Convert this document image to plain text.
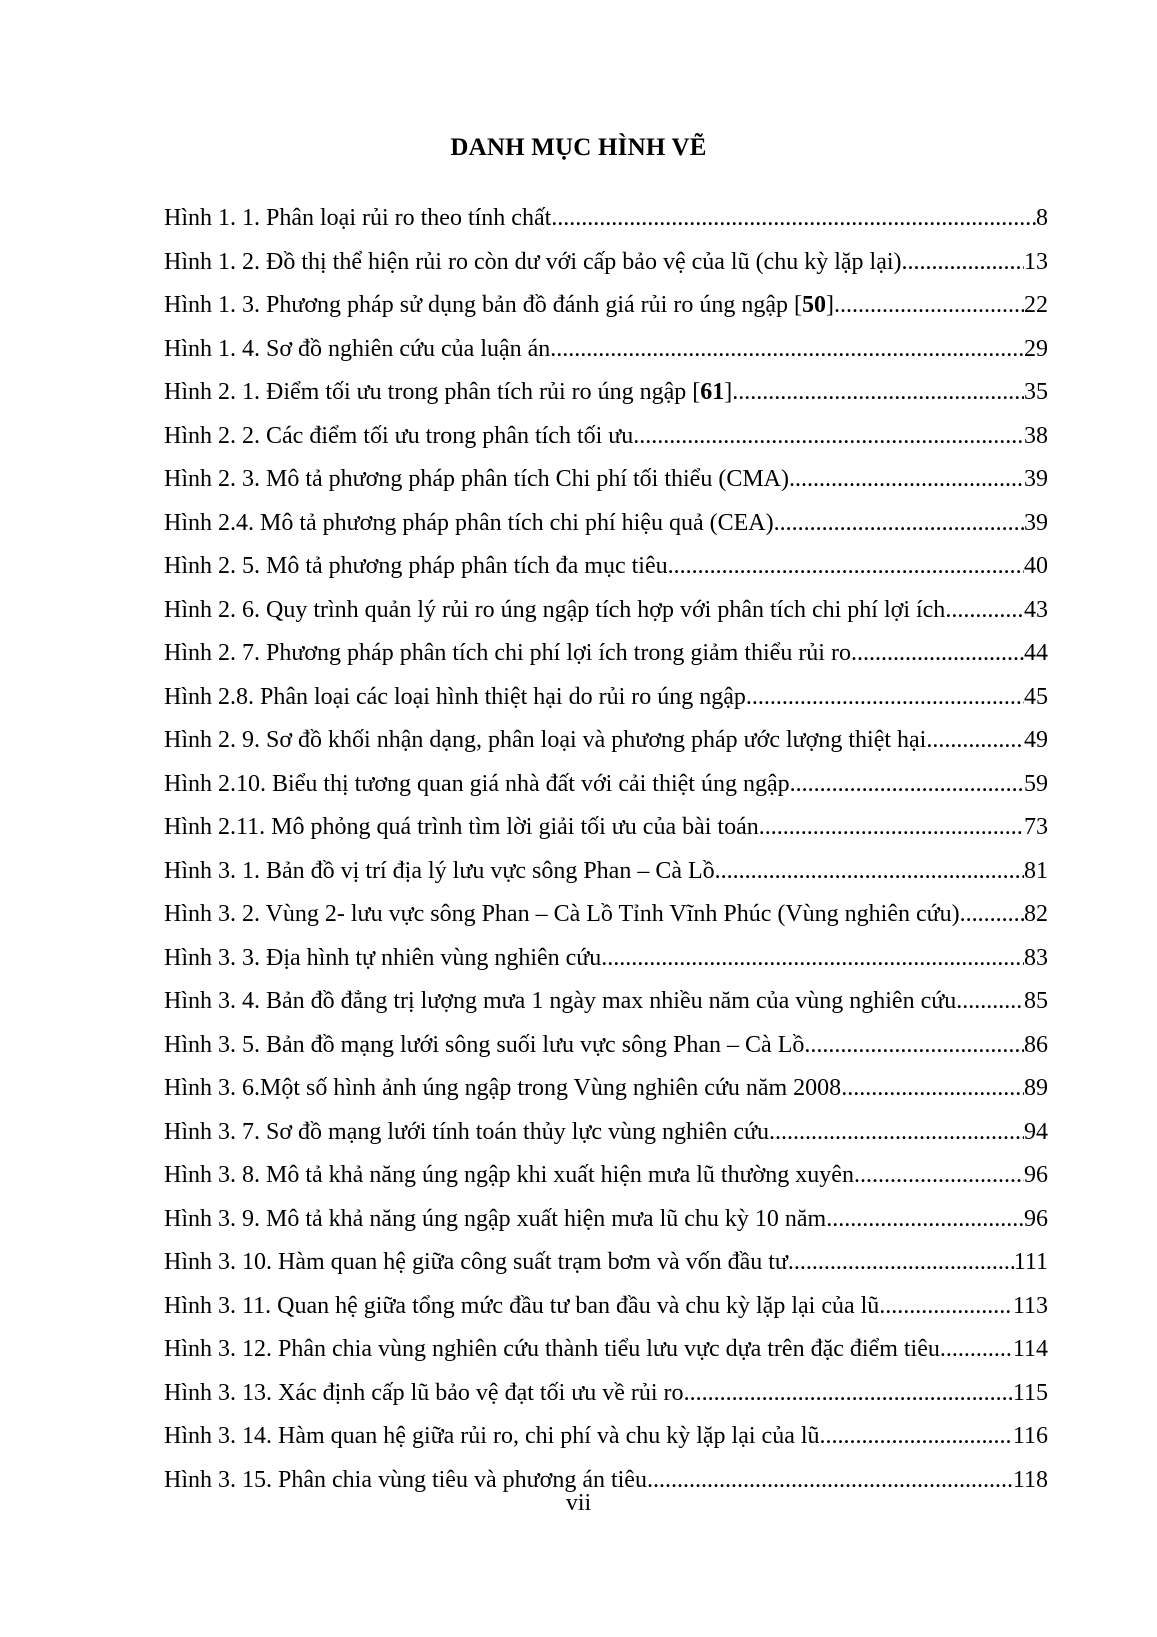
DANH MỤC HÌNH VẼ
Hình 1. 1. Phân loại rủi ro theo tính chất .....	8
Hình 1. 2. Đồ thị thể hiện rủi ro còn dư với cấp bảo vệ của lũ (chu kỳ lặp lại) .....	13
Hình 1. 3. Phương pháp sử dụng bản đồ đánh giá rủi ro úng ngập [50] .....	22
Hình 1. 4. Sơ đồ nghiên cứu của luận án .....	29
Hình 2. 1. Điểm tối ưu trong phân tích rủi ro úng ngập [61] .....	35
Hình 2. 2. Các điểm tối ưu trong phân tích tối ưu .....	38
Hình 2. 3. Mô tả phương pháp phân tích Chi phí tối thiểu (CMA) .....	39
Hình 2.4. Mô tả phương pháp phân tích chi phí hiệu quả (CEA) .....	39
Hình 2. 5. Mô tả phương pháp phân tích đa mục tiêu .....	40
Hình 2. 6. Quy trình quản lý rủi ro úng ngập tích hợp với phân tích chi phí lợi ích .....	43
Hình 2. 7. Phương pháp phân tích chi phí lợi ích trong giảm thiểu rủi ro .....	44
Hình 2.8. Phân loại các loại hình thiệt hại do rủi ro úng ngập .....	45
Hình 2. 9. Sơ đồ khối nhận dạng, phân loại và phương pháp ước lượng thiệt hại .....	49
Hình 2.10. Biểu thị tương quan giá nhà đất với cải thiệt úng ngập .....	59
Hình 2.11. Mô phỏng quá trình tìm lời giải tối ưu của bài toán .....	73
Hình 3. 1. Bản đồ vị trí địa lý lưu vực sông Phan – Cà Lồ .....	81
Hình 3. 2. Vùng 2- lưu vực sông Phan – Cà Lồ Tỉnh Vĩnh Phúc (Vùng nghiên cứu) .....	82
Hình 3. 3. Địa hình tự nhiên vùng nghiên cứu .....	83
Hình 3. 4. Bản đồ đẳng trị lượng mưa 1 ngày max nhiều năm của vùng nghiên cứu .....	85
Hình 3. 5. Bản đồ mạng lưới sông suối lưu vực sông Phan – Cà Lồ .....	86
Hình 3. 6.Một số hình ảnh úng ngập trong Vùng nghiên cứu năm 2008 .....	89
Hình 3. 7. Sơ đồ mạng lưới tính toán thủy lực vùng nghiên cứu .....	94
Hình 3. 8. Mô tả khả năng úng ngập khi xuất hiện mưa lũ thường xuyên .....	96
Hình 3. 9. Mô tả khả năng úng ngập xuất hiện mưa lũ chu kỳ 10 năm .....	96
Hình 3. 10. Hàm quan hệ giữa công suất trạm bơm và vốn đầu tư .....	111
Hình 3. 11. Quan hệ giữa tổng mức đầu tư ban đầu và chu kỳ lặp lại của lũ .....	113
Hình 3. 12. Phân chia vùng nghiên cứu thành tiểu lưu vực dựa trên đặc điểm tiêu .....	114
Hình 3. 13. Xác định cấp lũ bảo vệ đạt tối ưu về rủi ro .....	115
Hình 3. 14. Hàm quan hệ giữa rủi ro, chi phí và chu kỳ lặp lại của lũ .....	116
Hình 3. 15. Phân chia vùng tiêu và phương án tiêu .....	118
vii
